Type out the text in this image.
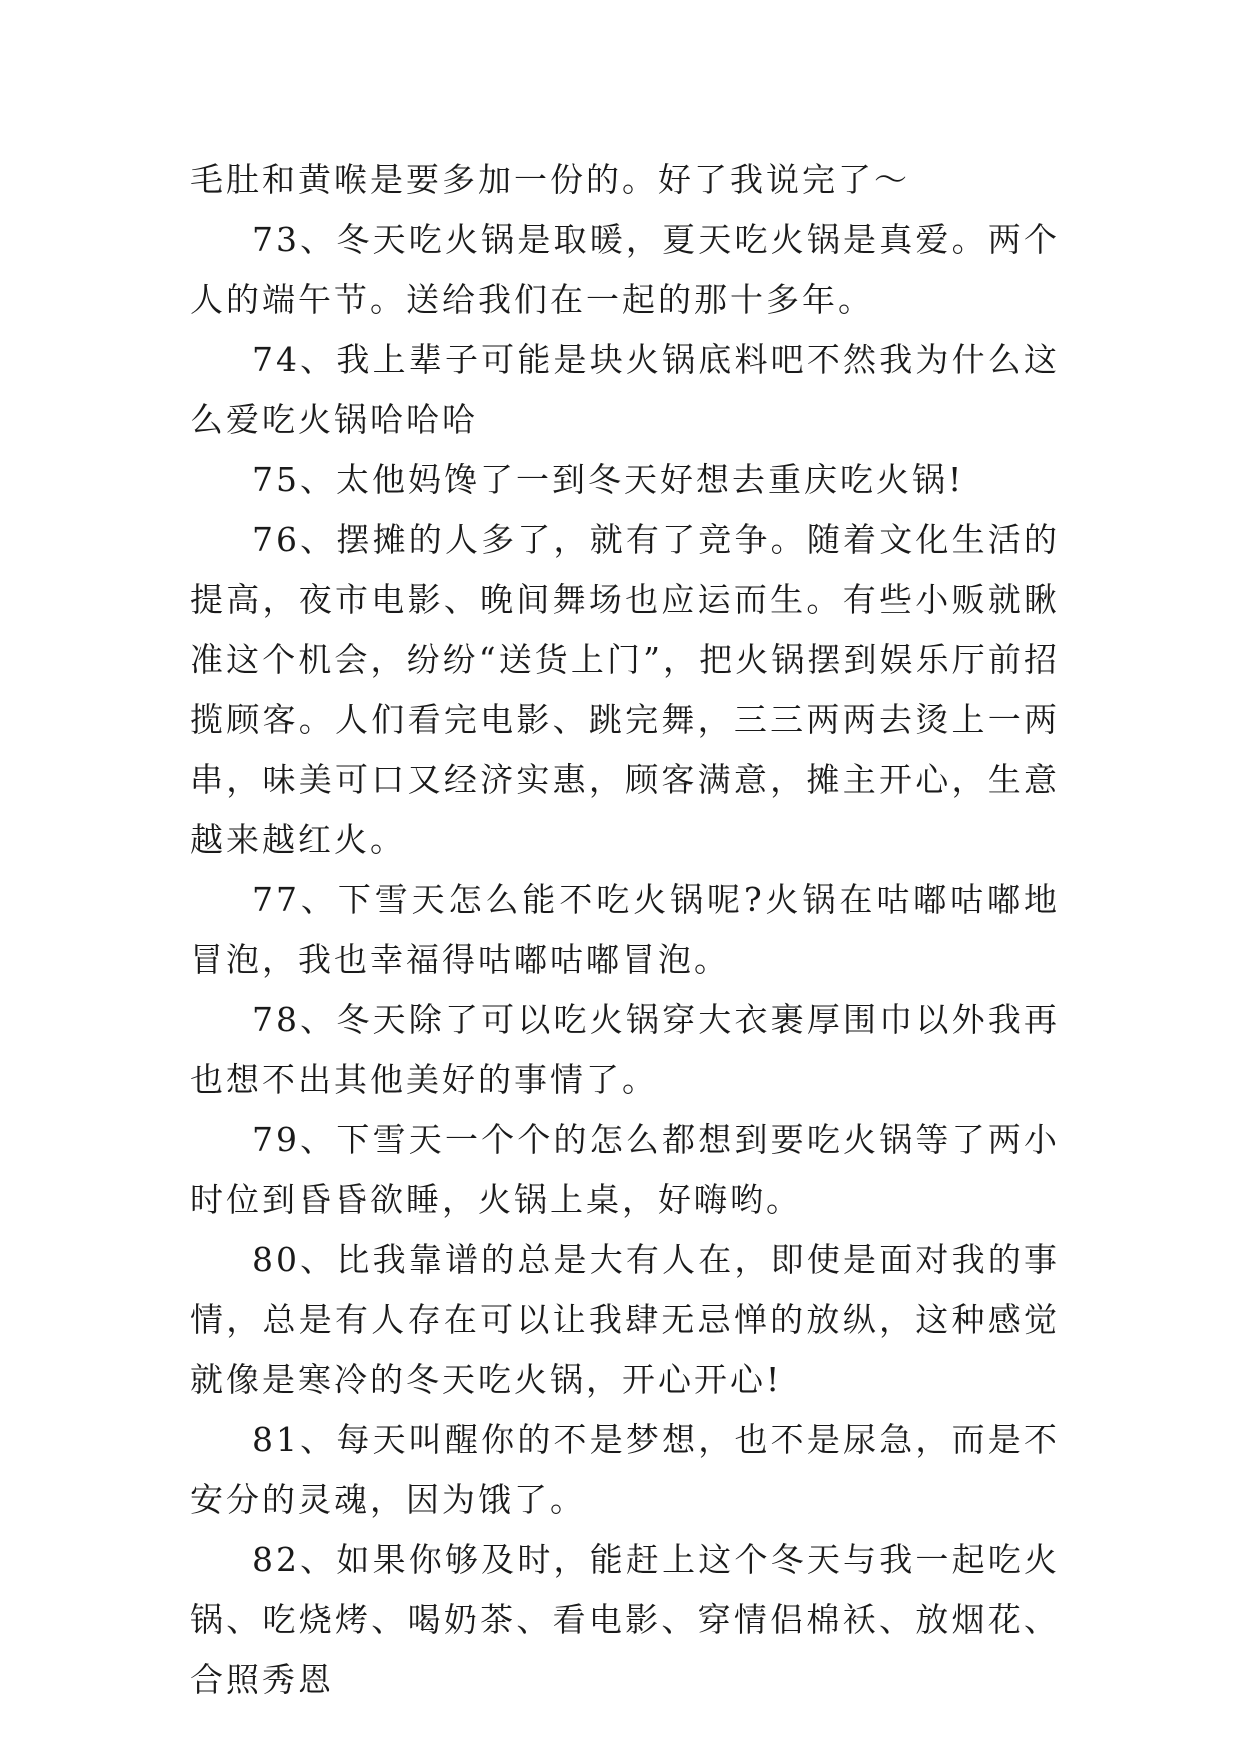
毛肚和黄喉是要多加一份的。好了我说完了～

73、冬天吃火锅是取暖，夏天吃火锅是真爱。两个人的端午节。送给我们在一起的那十多年。

74、我上辈子可能是块火锅底料吧不然我为什么这么爱吃火锅哈哈哈

75、太他妈馋了一到冬天好想去重庆吃火锅!

76、摆摊的人多了，就有了竞争。随着文化生活的提高，夜市电影、晚间舞场也应运而生。有些小贩就瞅准这个机会，纷纷“送货上门”，把火锅摆到娱乐厅前招揽顾客。人们看完电影、跳完舞，三三两两去烫上一两串，味美可口又经济实惠，顾客满意，摊主开心，生意越来越红火。

77、下雪天怎么能不吃火锅呢?火锅在咕嘟咕嘟地冒泡，我也幸福得咕嘟咕嘟冒泡。

78、冬天除了可以吃火锅穿大衣裹厚围巾以外我再也想不出其他美好的事情了。

79、下雪天一个个的怎么都想到要吃火锅等了两小时位到昏昏欲睡，火锅上桌，好嗨哟。

80、比我靠谱的总是大有人在，即使是面对我的事情，总是有人存在可以让我肆无忌惮的放纵，这种感觉就像是寒冷的冬天吃火锅，开心开心!

81、每天叫醒你的不是梦想，也不是尿急，而是不安分的灵魂，因为饿了。

82、如果你够及时，能赶上这个冬天与我一起吃火锅、吃烧烤、喝奶茶、看电影、穿情侣棉袄、放烟花、合照秀恩
